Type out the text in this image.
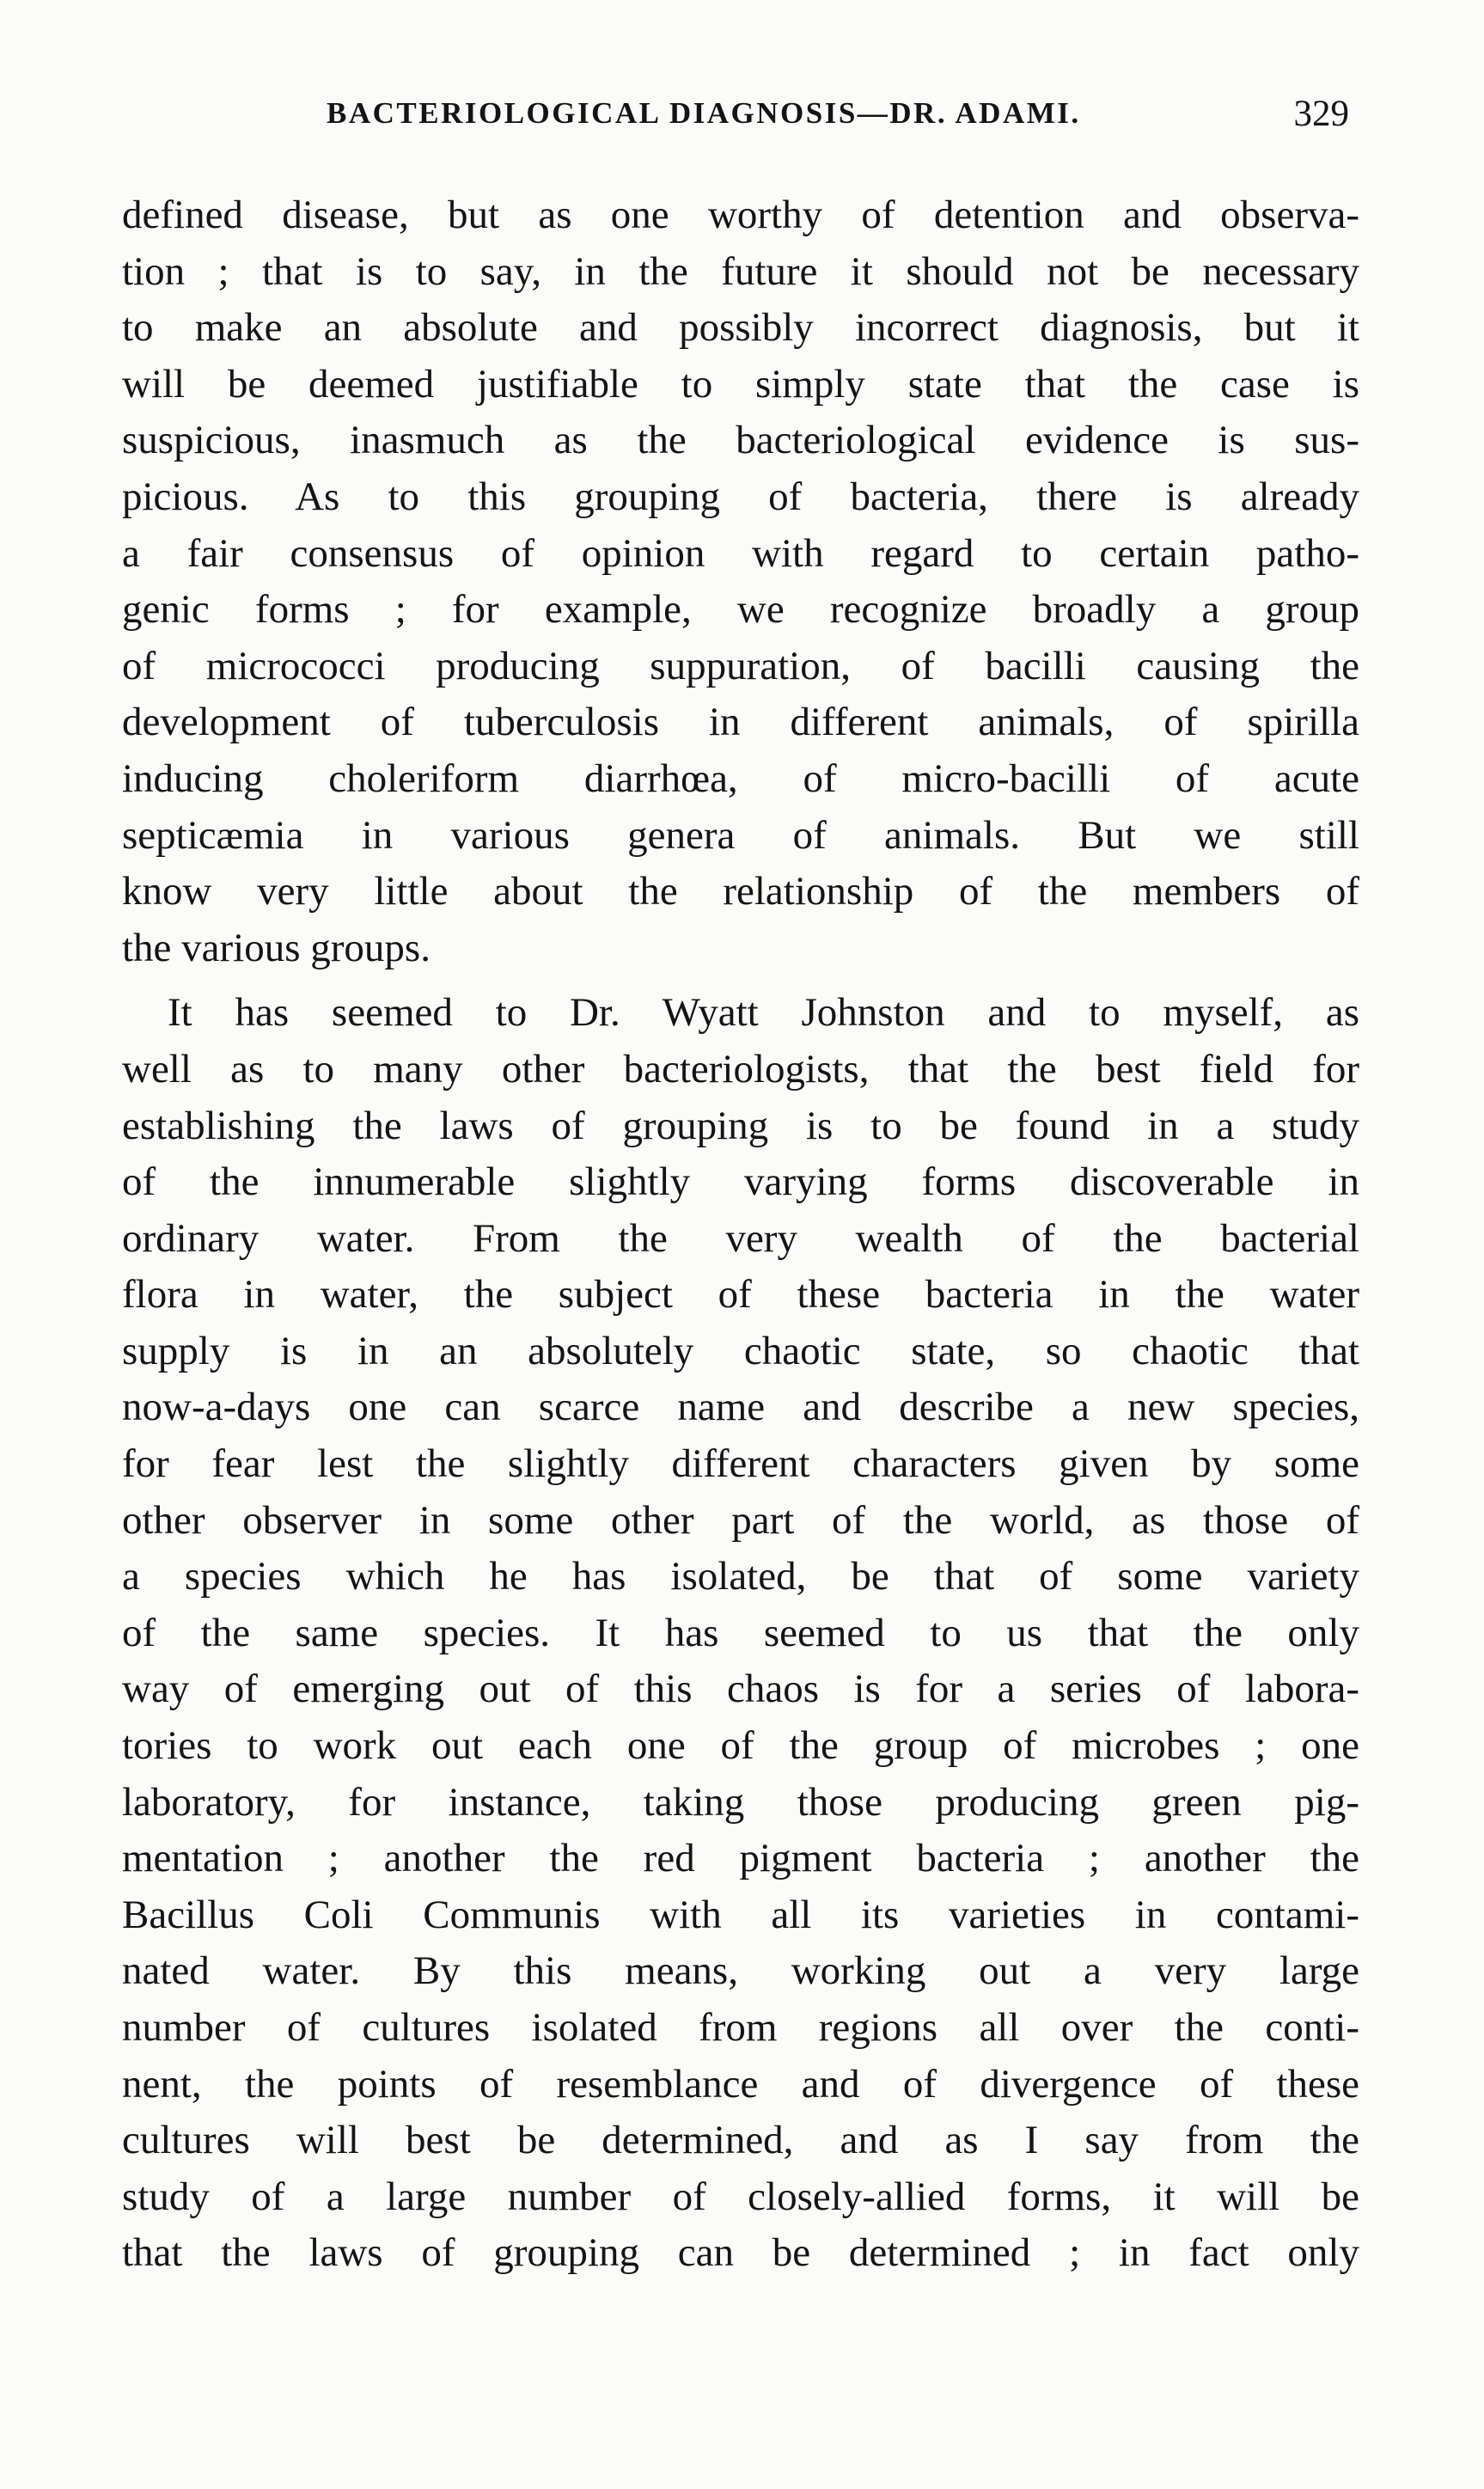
BACTERIOLOGICAL DIAGNOSIS—DR. ADAMI.	329
defined disease, but as one worthy of detention and observa-
tion ; that is to say, in the future it should not be necessary
to make an absolute and possibly incorrect diagnosis, but it
will be deemed justifiable to simply state that the case is
suspicious, inasmuch as the bacteriological evidence is sus-
picious. As to this grouping of bacteria, there is already
a fair consensus of opinion with regard to certain patho-
genic forms ; for example, we recognize broadly a group
of micrococci producing suppuration, of bacilli causing the
development of tuberculosis in different animals, of spirilla
inducing choleriform diarrhœa, of micro-bacilli of acute
septicæmia in various genera of animals. But we still
know very little about the relationship of the members of
the various groups.
It has seemed to Dr. Wyatt Johnston and to myself, as
well as to many other bacteriologists, that the best field for
establishing the laws of grouping is to be found in a study
of the innumerable slightly varying forms discoverable in
ordinary water. From the very wealth of the bacterial
flora in water, the subject of these bacteria in the water
supply is in an absolutely chaotic state, so chaotic that
now-a-days one can scarce name and describe a new species,
for fear lest the slightly different characters given by some
other observer in some other part of the world, as those of
a species which he has isolated, be that of some variety
of the same species. It has seemed to us that the only
way of emerging out of this chaos is for a series of labora-
tories to work out each one of the group of microbes ; one
laboratory, for instance, taking those producing green pig-
mentation ; another the red pigment bacteria ; another the
Bacillus Coli Communis with all its varieties in contami-
nated water. By this means, working out a very large
number of cultures isolated from regions all over the conti-
nent, the points of resemblance and of divergence of these
cultures will best be determined, and as I say from the
study of a large number of closely-allied forms, it will be
that the laws of grouping can be determined ; in fact only
